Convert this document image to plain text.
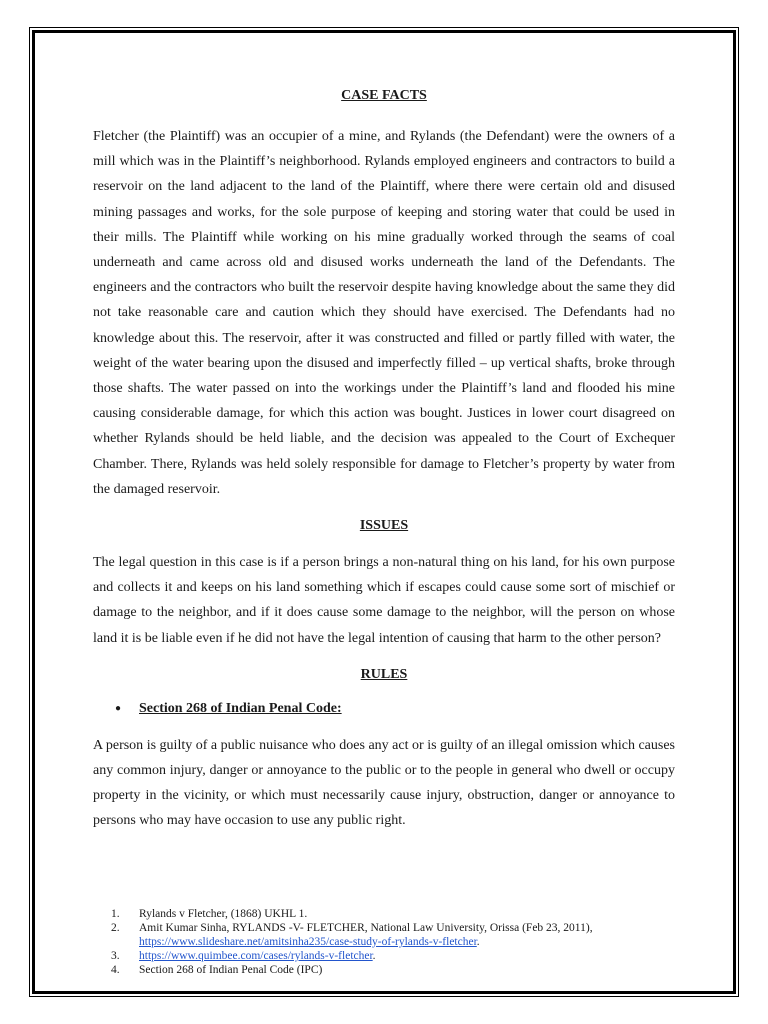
CASE FACTS

Fletcher (the Plaintiff) was an occupier of a mine, and Rylands (the Defendant) were the owners of a mill which was in the Plaintiff’s neighborhood. Rylands employed engineers and contractors to build a reservoir on the land adjacent to the land of the Plaintiff, where there were certain old and disused mining passages and works, for the sole purpose of keeping and storing water that could be used in their mills. The Plaintiff while working on his mine gradually worked through the seams of coal underneath and came across old and disused works underneath the land of the Defendants. The engineers and the contractors who built the reservoir despite having knowledge about the same they did not take reasonable care and caution which they should have exercised. The Defendants had no knowledge about this. The reservoir, after it was constructed and filled or partly filled with water, the weight of the water bearing upon the disused and imperfectly filled – up vertical shafts, broke through those shafts. The water passed on into the workings under the Plaintiff’s land and flooded his mine causing considerable damage, for which this action was bought. Justices in lower court disagreed on whether Rylands should be held liable, and the decision was appealed to the Court of Exchequer Chamber. There, Rylands was held solely responsible for damage to Fletcher’s property by water from the damaged reservoir.

ISSUES

The legal question in this case is if a person brings a non-natural thing on his land, for his own purpose and collects it and keeps on his land something which if escapes could cause some sort of mischief or damage to the neighbor, and if it does cause some damage to the neighbor, will the person on whose land it is be liable even if he did not have the legal intention of causing that harm to the other person?

RULES
●	Section 268 of Indian Penal Code:

A person is guilty of a public nuisance who does any act or is guilty of an illegal omission which causes any common injury, danger or annoyance to the public or to the people in general who dwell or occupy property in the vicinity, or which must necessarily cause injury, obstruction, danger or annoyance to persons who may have occasion to use any public right.

1.	Rylands v Fletcher, (1868) UKHL 1.
2.	Amit Kumar Sinha, RYLANDS -V- FLETCHER, National Law University, Orissa (Feb 23, 2011),
https://www.slideshare.net/amitsinha235/case-study-of-rylands-v-fletcher.
3.	https://www.quimbee.com/cases/rylands-v-fletcher.
4.	Section 268 of Indian Penal Code (IPC)
